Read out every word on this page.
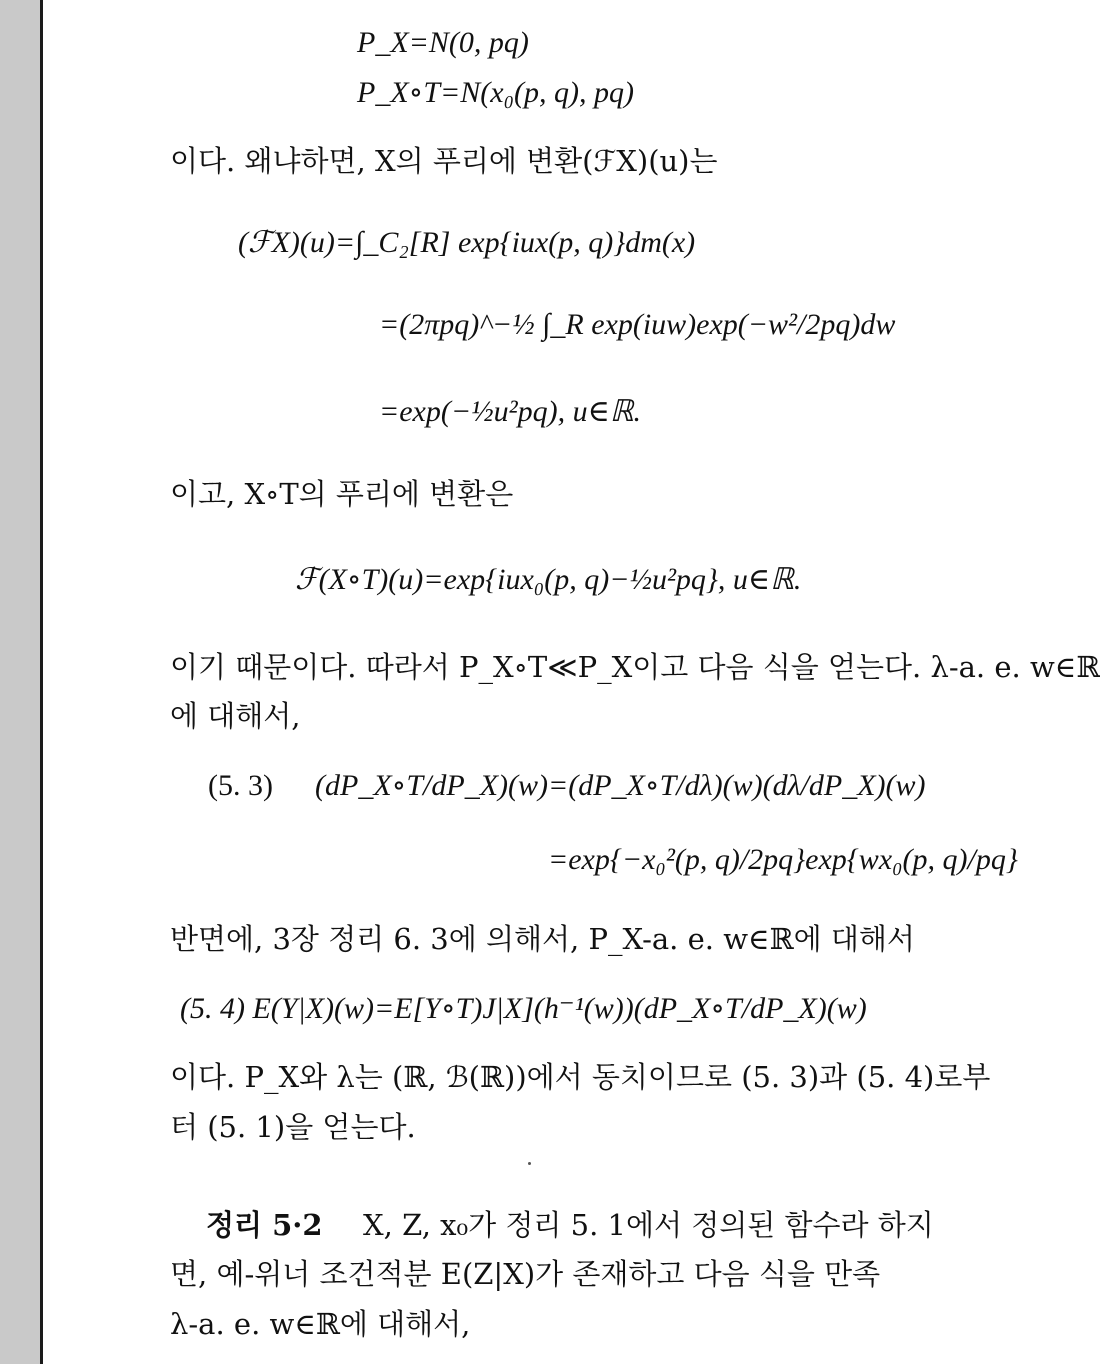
P_X=N(0, pq)
P_X∘T=N(x₀(p, q), pq)
이다. 왜냐하면, X의 푸리에 변환(ℱX)(u)는
(ℱX)(u)=∫_C₂[R] exp{iux(p, q)}dm(x)
=(2πpq)^−½ ∫_R exp(iuw)exp(−w²/2pq)dw
=exp(−½u²pq), u∈ℝ.
이고, X∘T의 푸리에 변환은
ℱ(X∘T)(u)=exp{iux₀(p, q)−½u²pq}, u∈ℝ.
이기 때문이다. 따라서 P_X∘T≪P_X이고 다음 식을 얻는다. λ-a. e. w∈ℝ
에 대해서,
(5. 3) (dP_X∘T/dP_X)(w)=(dP_X∘T/dλ)(w)(dλ/dP_X)(w)
=exp{−x₀²(p, q)/2pq}exp{wx₀(p, q)/pq}
반면에, 3장 정리 6. 3에 의해서, P_X-a. e. w∈ℝ에 대해서
(5. 4) E(Y|X)(w)=E[Y∘T)J|X](h⁻¹(w))(dP_X∘T/dP_X)(w)
이다. P_X와 λ는 (ℝ, ℬ(ℝ))에서 동치이므로 (5. 3)과 (5. 4)로부
터 (5. 1)을 얻는다.
정리 5·2 X, Z, x₀가 정리 5. 1에서 정의된 함수라 하지
면, 예-위너 조건적분 E(Z|X)가 존재하고 다음 식을 만족
λ-a. e. w∈ℝ에 대해서,
